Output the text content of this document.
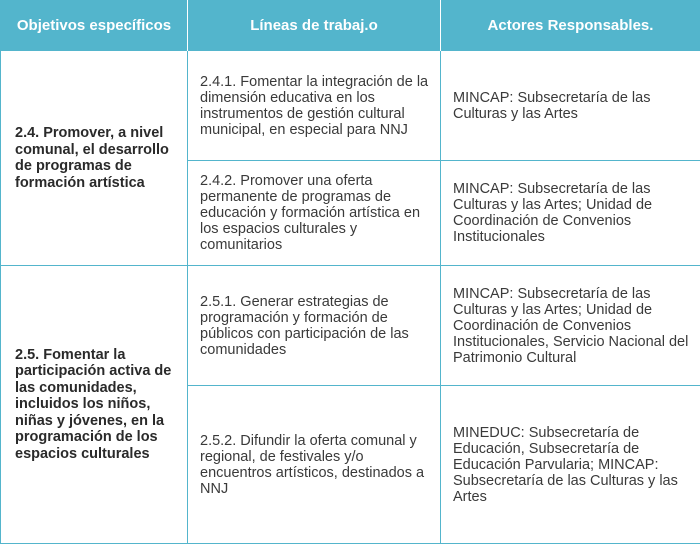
Objetivos específicos	Líneas de trabaj.o	Actores Responsables.
2.4. Promover, a nivel comunal, el desarrollo de programas de formación artística	2.4.1. Fomentar la integración de la dimensión educativa en los instrumentos de gestión cultural municipal, en especial para NNJ	MINCAP: Subsecretaría de las Culturas y las Artes
	2.4.2. Promover una oferta permanente de programas de educación y formación artística en los espacios culturales y comunitarios	MINCAP: Subsecretaría de las Culturas y las Artes; Unidad de Coordinación de Convenios Institucionales
2.5. Fomentar la participación activa de las comunidades, incluidos los niños, niñas y jóvenes, en la programación de los espacios culturales	2.5.1. Generar estrategias de programación y formación de públicos con participación de las comunidades	MINCAP: Subsecretaría de las Culturas y las Artes; Unidad de Coordinación de Convenios Institucionales, Servicio Nacional del Patrimonio Cultural
	2.5.2. Difundir la oferta comunal y regional, de festivales y/o encuentros artísticos, destinados a NNJ	MINEDUC: Subsecretaría de Educación, Subsecretaría de Educación Parvularia; MINCAP: Subsecretaría de las Culturas y las Artes
